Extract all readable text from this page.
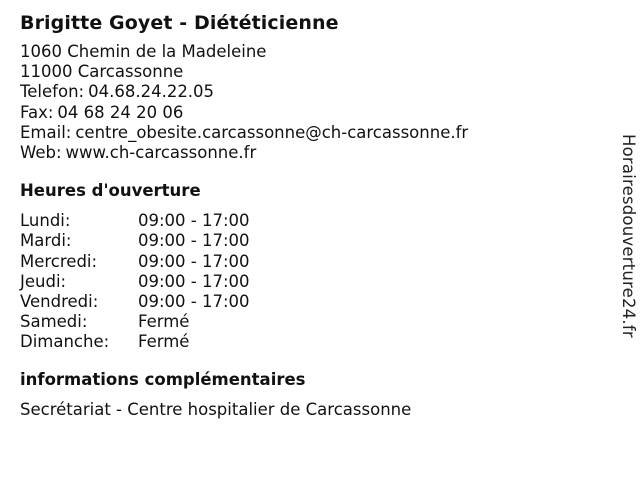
Brigitte Goyet - Diététicienne
1060 Chemin de la Madeleine
11000 Carcassonne
Telefon: 04.68.24.22.05
Fax: 04 68 24 20 06
Email: centre_obesite.carcassonne@ch-carcassonne.fr
Web: www.ch-carcassonne.fr
Heures d'ouverture
Lundi:	09:00 - 17:00
Mardi:	09:00 - 17:00
Mercredi:	09:00 - 17:00
Jeudi:	09:00 - 17:00
Vendredi:	09:00 - 17:00
Samedi:	Fermé
Dimanche:	Fermé
informations complémentaires
Secrétariat - Centre hospitalier de Carcassonne
Horairesdouverture24.fr
